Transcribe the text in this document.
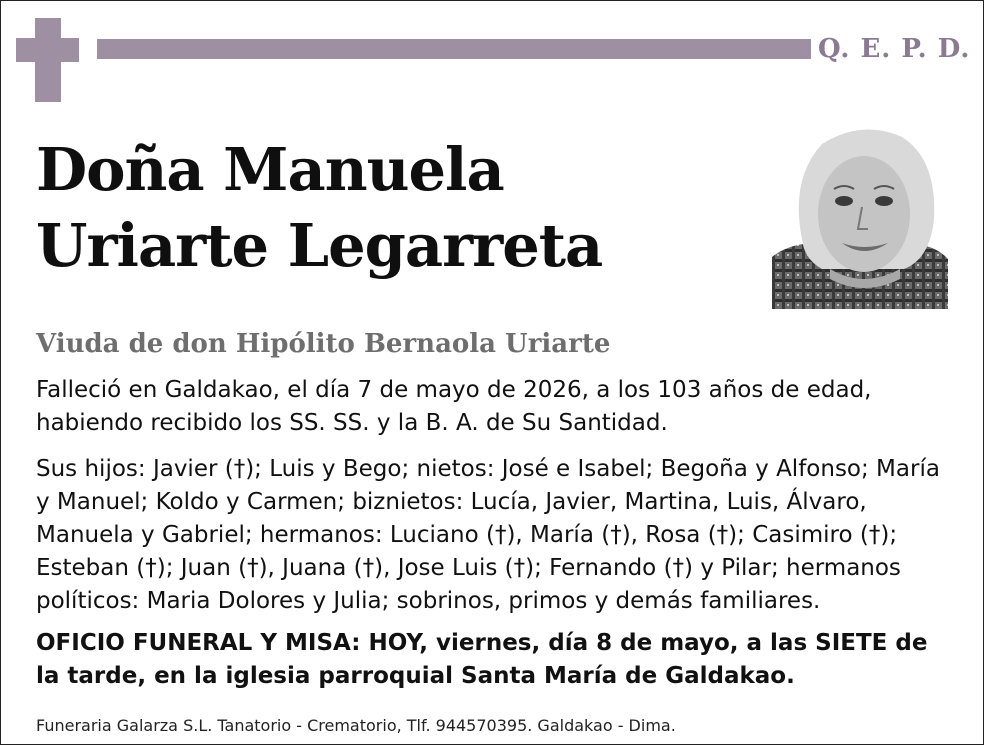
Q. E. P. D.
Doña Manuela
Uriarte Legarreta
Viuda de don Hipólito Bernaola Uriarte
Falleció en Galdakao, el día 7 de mayo de 2026, a los 103 años de edad, habiendo recibido los SS. SS. y la B. A. de Su Santidad.
Sus hijos: Javier (†); Luis y Bego; nietos: José e Isabel; Begoña y Alfonso; María y Manuel; Koldo y Carmen; biznietos: Lucía, Javier, Martina, Luis, Álvaro, Manuela y Gabriel; hermanos: Luciano (†), María (†), Rosa (†); Casimiro (†); Esteban (†); Juan (†), Juana (†), Jose Luis (†); Fernando (†) y Pilar; hermanos políticos: Maria Dolores y Julia; sobrinos, primos y demás familiares.
OFICIO FUNERAL Y MISA: HOY, viernes, día 8 de mayo, a las SIETE de la tarde, en la iglesia parroquial Santa María de Galdakao.
Funeraria Galarza S.L. Tanatorio - Crematorio, Tlf. 944570395. Galdakao - Dima.
